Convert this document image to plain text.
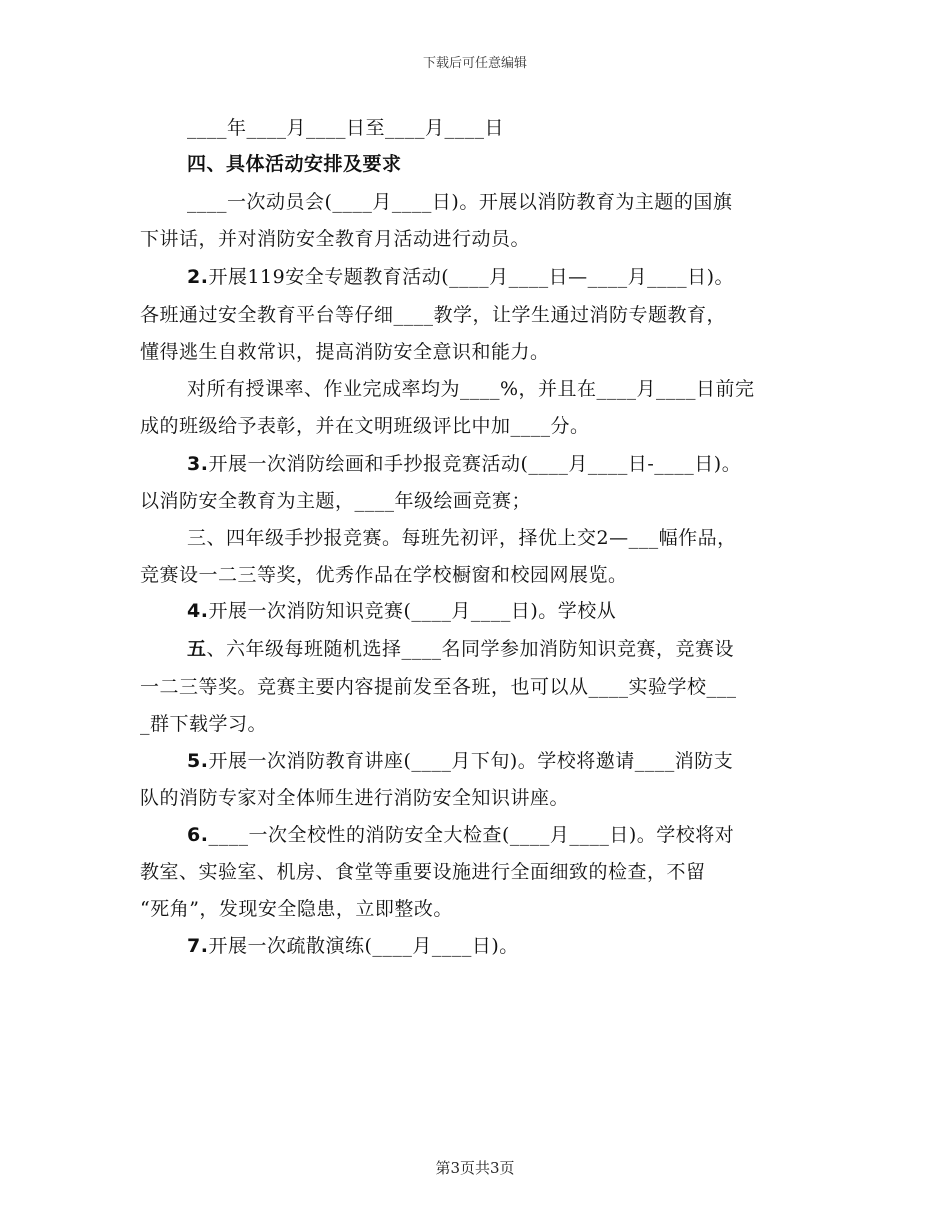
下载后可任意编辑
____年____月____日至____月____日
四、具体活动安排及要求
____一次动员会(____月____日)。开展以消防教育为主题的国旗
下讲话，并对消防安全教育月活动进行动员。
2.开展119安全专题教育活动(____月____日—____月____日)。
各班通过安全教育平台等仔细____教学，让学生通过消防专题教育，
懂得逃生自救常识，提高消防安全意识和能力。
对所有授课率、作业完成率均为____%，并且在____月____日前完
成的班级给予表彰，并在文明班级评比中加____分。
3.开展一次消防绘画和手抄报竞赛活动(____月____日-____日)。
以消防安全教育为主题，____年级绘画竞赛；
三、四年级手抄报竞赛。每班先初评，择优上交2—___幅作品，
竞赛设一二三等奖，优秀作品在学校橱窗和校园网展览。
4.开展一次消防知识竞赛(____月____日)。学校从
五、六年级每班随机选择____名同学参加消防知识竞赛，竞赛设
一二三等奖。竞赛主要内容提前发至各班，也可以从____实验学校___
_群下载学习。
5.开展一次消防教育讲座(____月下旬)。学校将邀请____消防支
队的消防专家对全体师生进行消防安全知识讲座。
6.____一次全校性的消防安全大检查(____月____日)。学校将对
教室、实验室、机房、食堂等重要设施进行全面细致的检查，不留
“死角”，发现安全隐患，立即整改。
7.开展一次疏散演练(____月____日)。
第3页共3页
